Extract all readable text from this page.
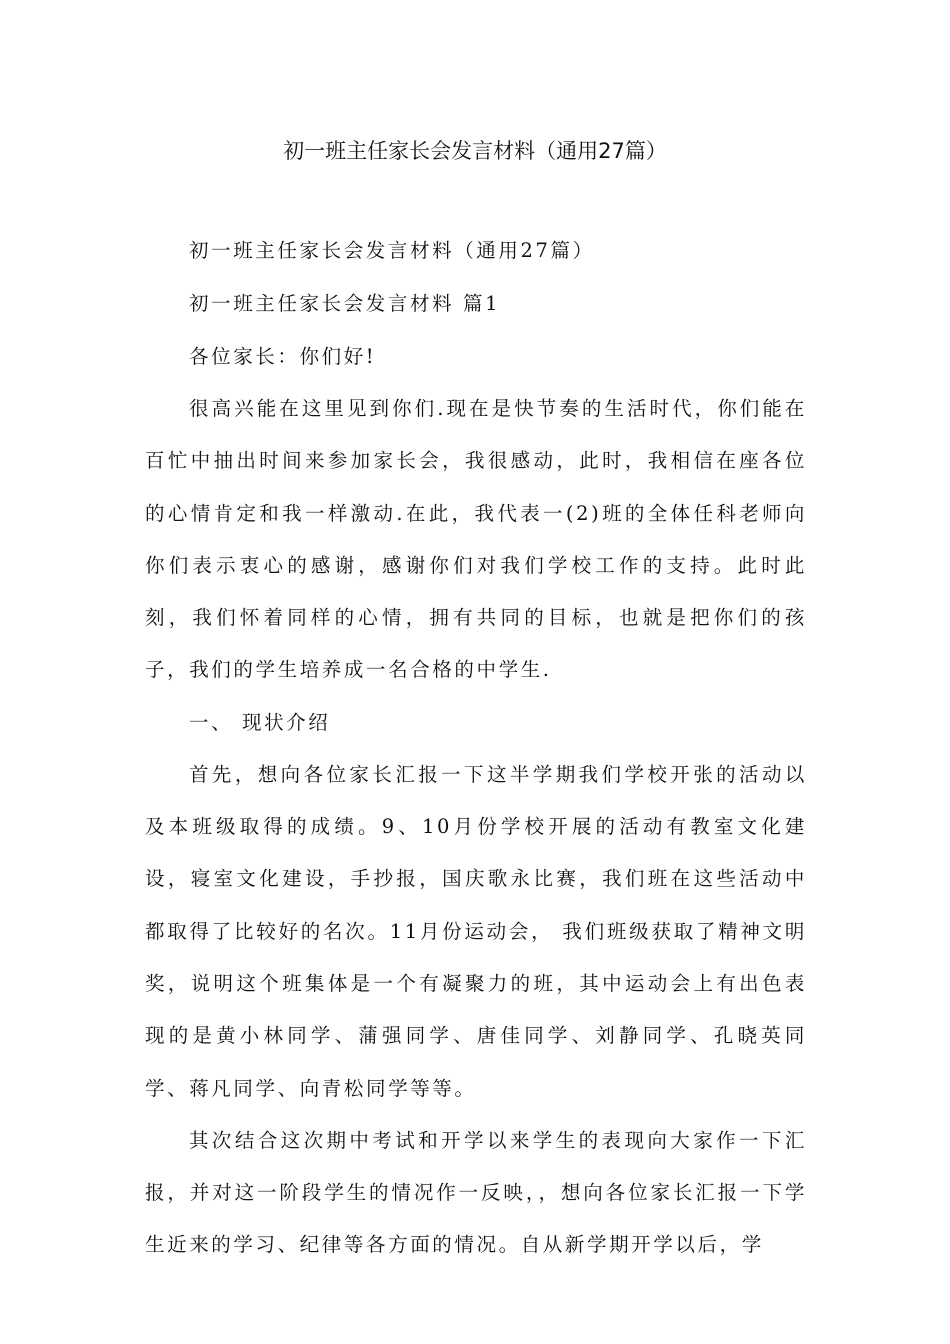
初一班主任家长会发言材料（通用27篇）

初一班主任家长会发言材料（通用27篇）

初一班主任家长会发言材料 篇1

各位家长：你们好!

很高兴能在这里见到你们.现在是快节奏的生活时代，你们能在百忙中抽出时间来参加家长会，我很感动，此时，我相信在座各位的心情肯定和我一样激动.在此，我代表一(2)班的全体任科老师向你们表示衷心的感谢，感谢你们对我们学校工作的支持。此时此刻，我们怀着同样的心情，拥有共同的目标，也就是把你们的孩子，我们的学生培养成一名合格的中学生.

一、 现状介绍

首先，想向各位家长汇报一下这半学期我们学校开张的活动以及本班级取得的成绩。9、10月份学校开展的活动有教室文化建设，寝室文化建设，手抄报，国庆歌永比赛，我们班在这些活动中都取得了比较好的名次。11月份运动会， 我们班级获取了精神文明奖，说明这个班集体是一个有凝聚力的班，其中运动会上有出色表现的是黄小林同学、蒲强同学、唐佳同学、刘静同学、孔晓英同学、蒋凡同学、向青松同学等等。

其次结合这次期中考试和开学以来学生的表现向大家作一下汇报，并对这一阶段学生的情况作一反映，，想向各位家长汇报一下学生近来的学习、纪律等各方面的情况。自从新学期开学以后，学
